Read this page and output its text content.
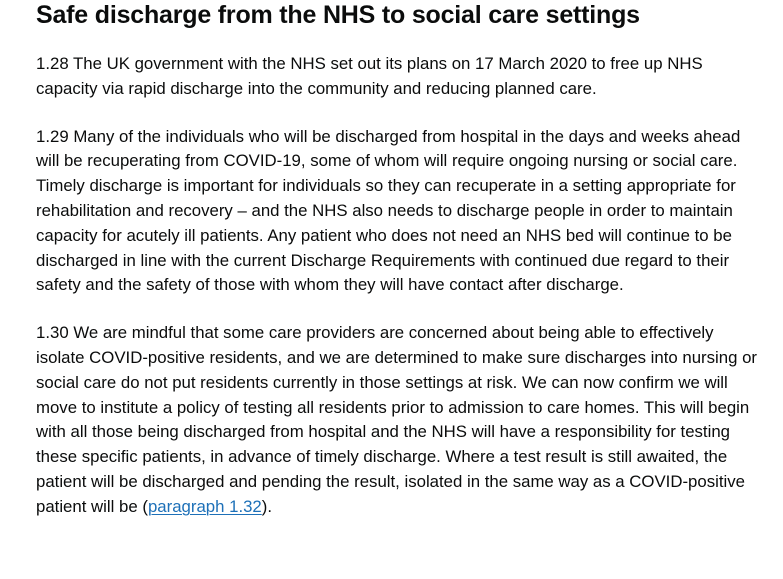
Safe discharge from the NHS to social care settings

1.28 The UK government with the NHS set out its plans on 17 March 2020 to free up NHS capacity via rapid discharge into the community and reducing planned care.

1.29 Many of the individuals who will be discharged from hospital in the days and weeks ahead will be recuperating from COVID-19, some of whom will require ongoing nursing or social care. Timely discharge is important for individuals so they can recuperate in a setting appropriate for rehabilitation and recovery – and the NHS also needs to discharge people in order to maintain capacity for acutely ill patients. Any patient who does not need an NHS bed will continue to be discharged in line with the current Discharge Requirements with continued due regard to their safety and the safety of those with whom they will have contact after discharge.

1.30 We are mindful that some care providers are concerned about being able to effectively isolate COVID-positive residents, and we are determined to make sure discharges into nursing or social care do not put residents currently in those settings at risk. We can now confirm we will move to institute a policy of testing all residents prior to admission to care homes. This will begin with all those being discharged from hospital and the NHS will have a responsibility for testing these specific patients, in advance of timely discharge. Where a test result is still awaited, the patient will be discharged and pending the result, isolated in the same way as a COVID-positive patient will be (paragraph 1.32).
